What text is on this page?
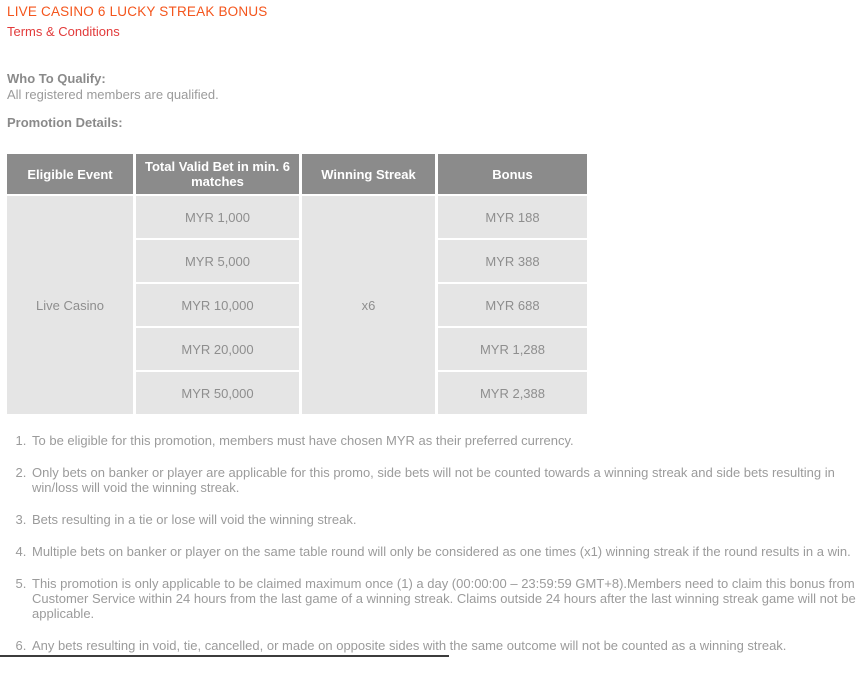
LIVE CASINO 6 LUCKY STREAK BONUS
Terms & Conditions

Who To Qualify:

All registered members are qualified.

Promotion Details:

Eligible Event	Total Valid Bet in min. 6 matches	Winning Streak	Bonus
Live Casino	MYR 1,000	x6	MYR 188
	MYR 5,000		MYR 388
	MYR 10,000		MYR 688
	MYR 20,000		MYR 1,288
	MYR 50,000		MYR 2,388
1. To be eligible for this promotion, members must have chosen MYR as their preferred currency.
2. Only bets on banker or player are applicable for this promo, side bets will not be counted towards a winning streak and side bets resulting in win/loss will void the winning streak.
3. Bets resulting in a tie or lose will void the winning streak.
4. Multiple bets on banker or player on the same table round will only be considered as one times (x1) winning streak if the round results in a win.
5. This promotion is only applicable to be claimed maximum once (1) a day (00:00:00 – 23:59:59 GMT+8).Members need to claim this bonus from Customer Service within 24 hours from the last game of a winning streak. Claims outside 24 hours after the last winning streak game will not be applicable.
6. Any bets resulting in void, tie, cancelled, or made on opposite sides with the same outcome will not be counted as a winning streak.
